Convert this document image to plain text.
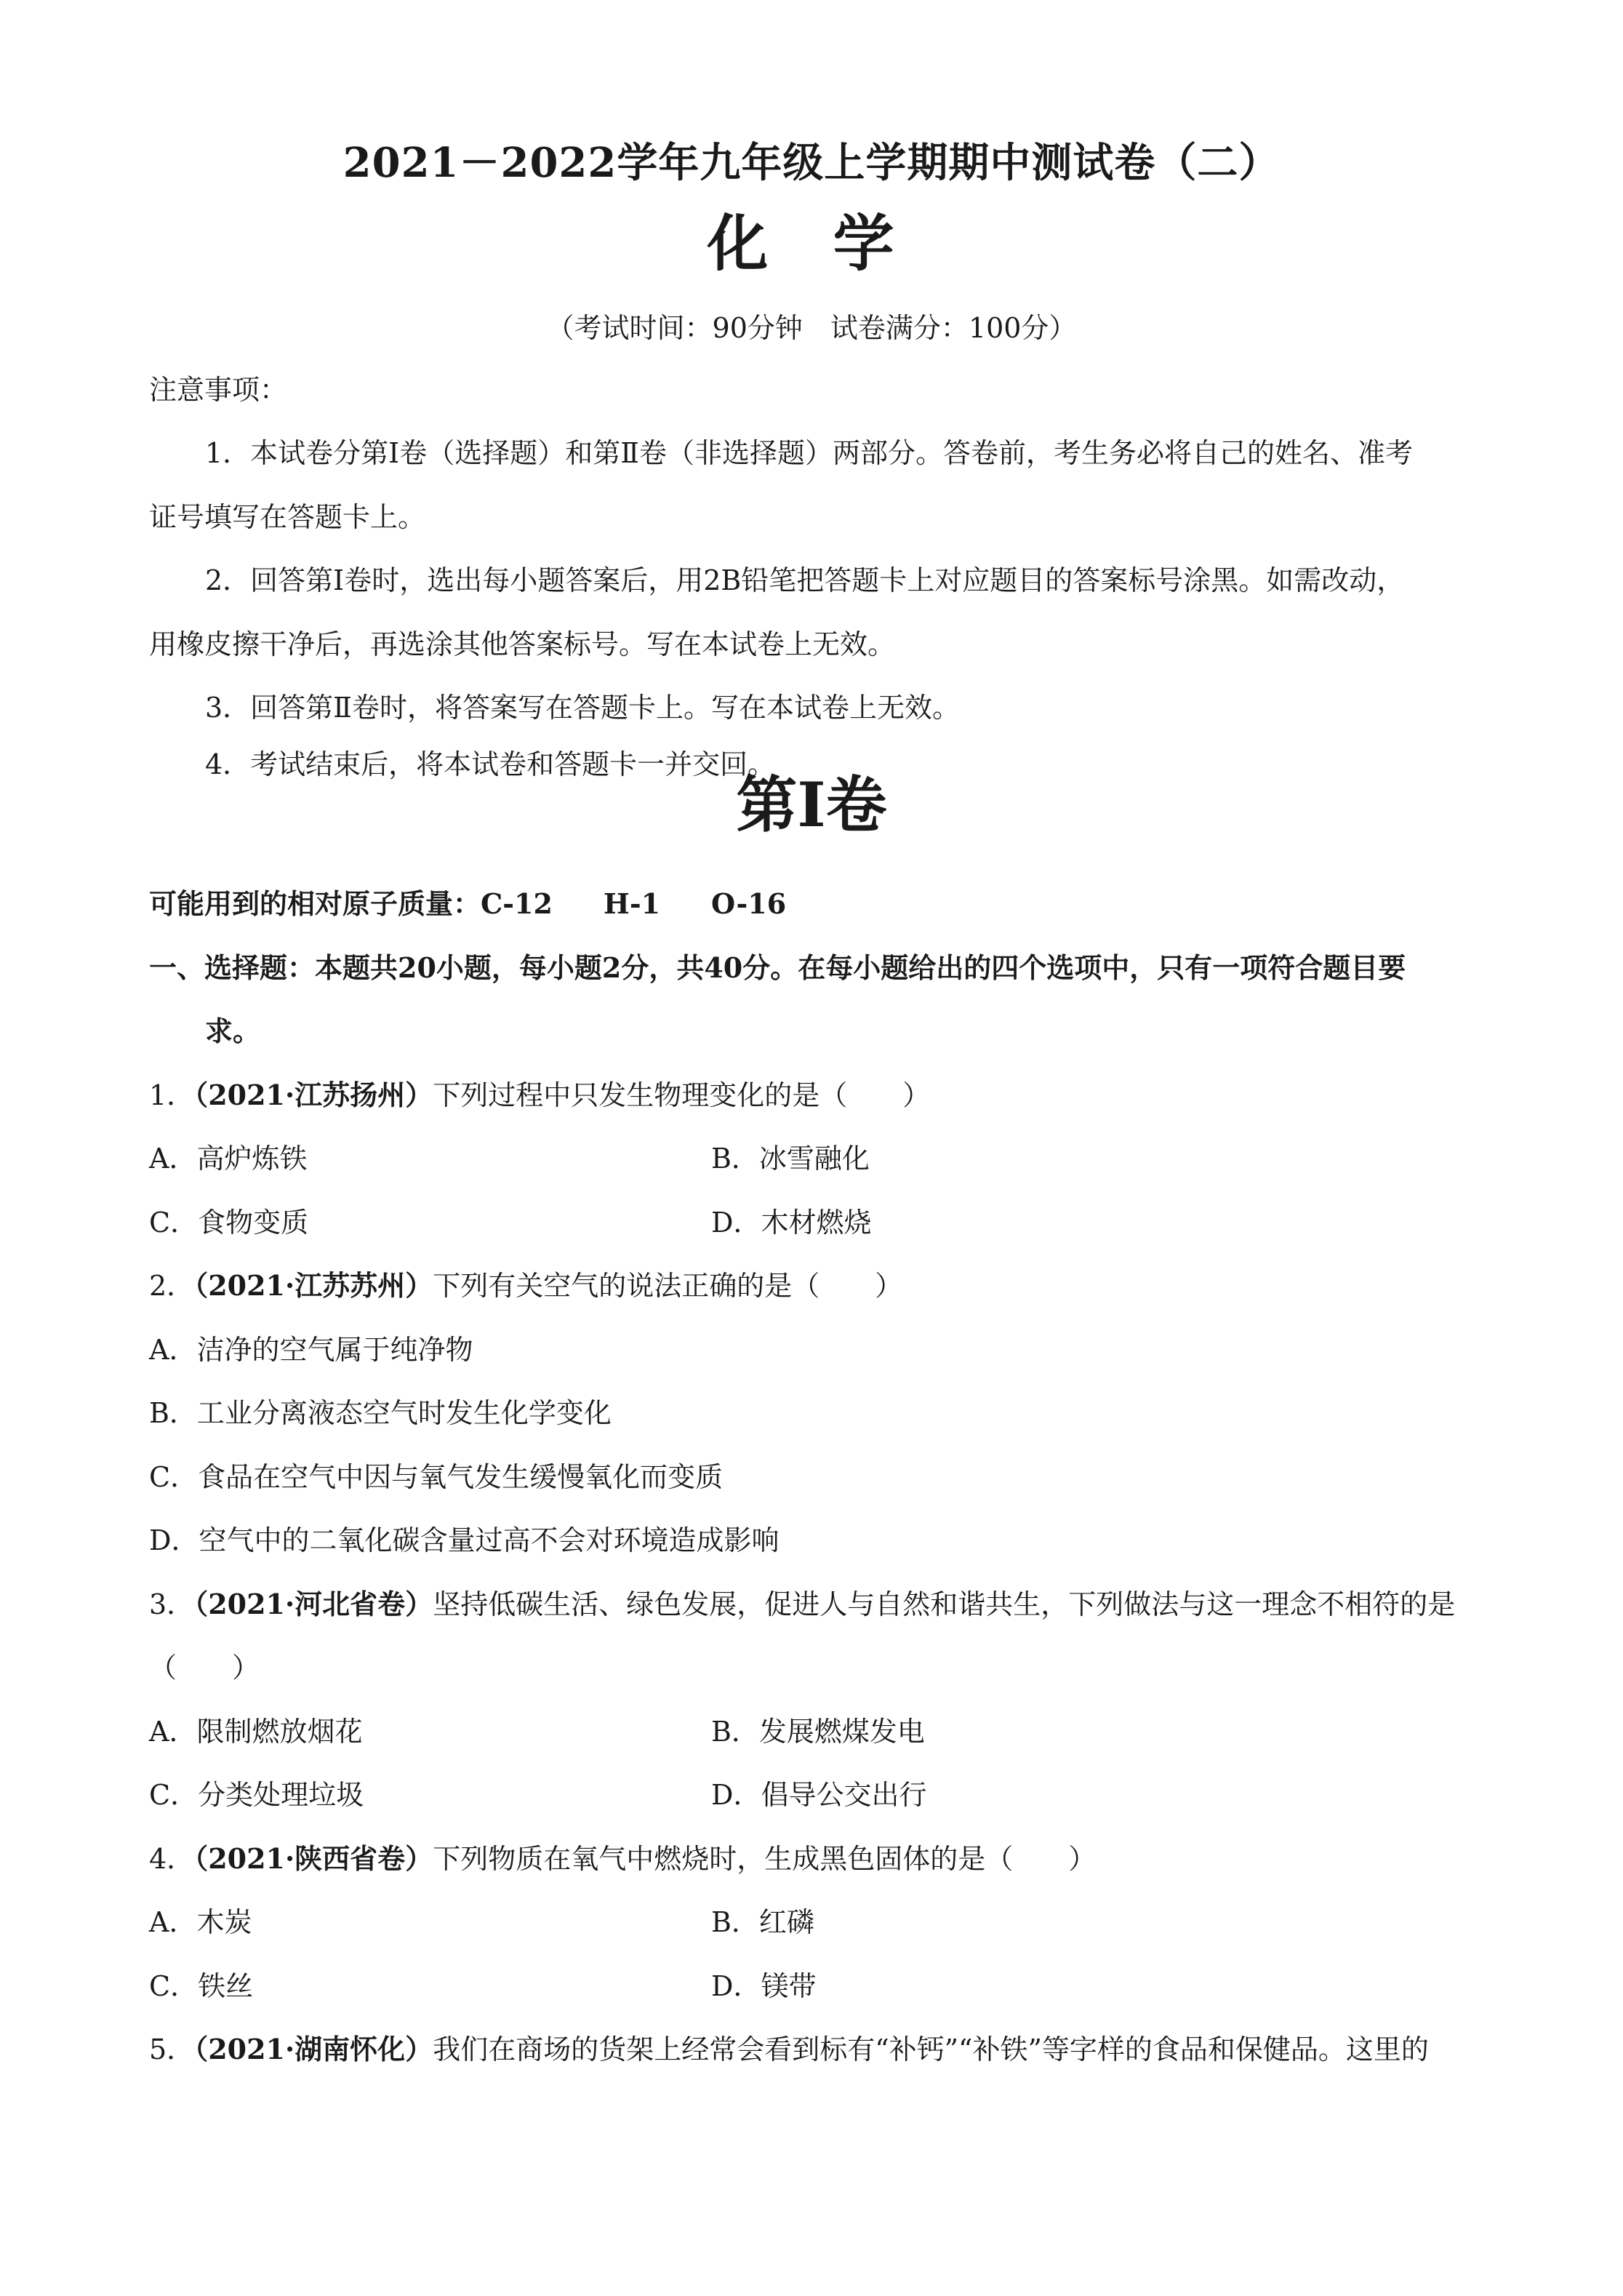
2021－2022学年九年级上学期期中测试卷（二）
化 学
（考试时间：90分钟　试卷满分：100分）
注意事项：
1．本试卷分第Ⅰ卷（选择题）和第Ⅱ卷（非选择题）两部分。答卷前，考生务必将自己的姓名、准考
证号填写在答题卡上。
2．回答第Ⅰ卷时，选出每小题答案后，用2B铅笔把答题卡上对应题目的答案标号涂黑。如需改动，
用橡皮擦干净后，再选涂其他答案标号。写在本试卷上无效。
3．回答第Ⅱ卷时，将答案写在答题卡上。写在本试卷上无效。
4．考试结束后，将本试卷和答题卡一并交回。
第Ⅰ卷
可能用到的相对原子质量：C-12 H-1 O-16
一、选择题：本题共20小题，每小题2分，共40分。在每小题给出的四个选项中，只有一项符合题目要
求。
1．（2021·江苏扬州）下列过程中只发生物理变化的是（　　）
A．高炉炼铁	B．冰雪融化
C．食物变质	D．木材燃烧
2．（2021·江苏苏州）下列有关空气的说法正确的是（　　）
A．洁净的空气属于纯净物
B．工业分离液态空气时发生化学变化
C．食品在空气中因与氧气发生缓慢氧化而变质
D．空气中的二氧化碳含量过高不会对环境造成影响
3．（2021·河北省卷）坚持低碳生活、绿色发展，促进人与自然和谐共生，下列做法与这一理念不相符的是
（　　）
A．限制燃放烟花	B．发展燃煤发电
C．分类处理垃圾	D．倡导公交出行
4．（2021·陕西省卷）下列物质在氧气中燃烧时，生成黑色固体的是（　　）
A．木炭	B．红磷
C．铁丝	D．镁带
5．（2021·湖南怀化）我们在商场的货架上经常会看到标有“补钙”“补铁”等字样的食品和保健品。这里的
